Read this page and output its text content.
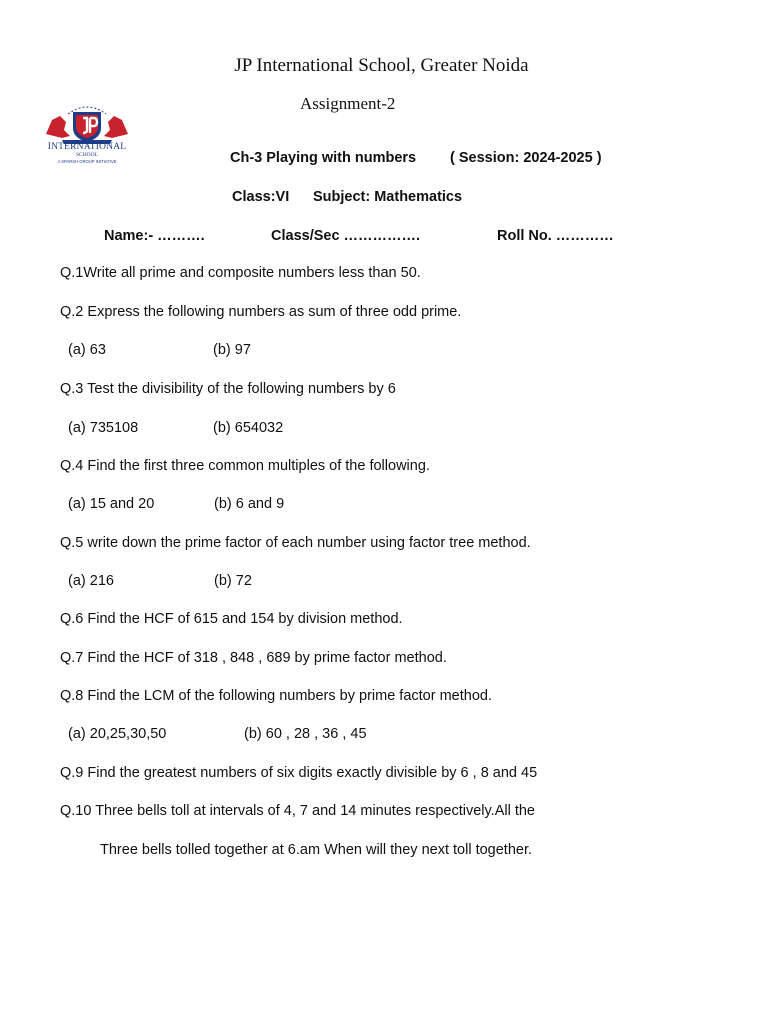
JP International School, Greater Noida
Assignment-2
INTERNATIONAL
SCHOOL
A SPARSH GROUP INITIATIVE	Ch-3 Playing with numbers ( Session: 2024-2025 )
Class:VI Subject: Mathematics
Name:- ……….	Class/Sec …………….	Roll No. …………
Q.1Write all prime and composite numbers less than 50.
Q.2 Express the following numbers as sum of three odd prime.
(a) 63	(b) 97
Q.3 Test the divisibility of the following numbers by 6
(a) 735108	(b) 654032
Q.4 Find the first three common multiples of the following.
(a) 15 and 20	(b) 6 and 9
Q.5 write down the prime factor of each number using factor tree method.
(a) 216	(b) 72
Q.6 Find the HCF of 615 and 154 by division method.
Q.7 Find the HCF of 318 , 848 , 689 by prime factor method.
Q.8 Find the LCM of the following numbers by prime factor method.
(a) 20,25,30,50	(b) 60 , 28 , 36 , 45
Q.9 Find the greatest numbers of six digits exactly divisible by 6 , 8 and 45
Q.10 Three bells toll at intervals of 4, 7 and 14 minutes respectively.All the
Three bells tolled together at 6.am When will they next toll together.
